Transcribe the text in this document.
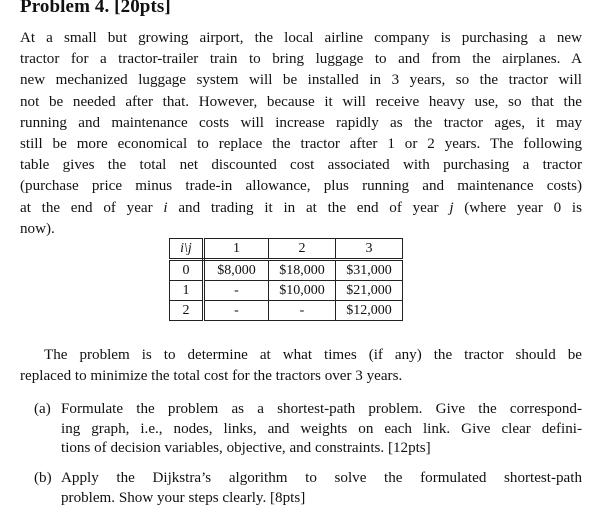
Problem 4. [20pts]
At a small but growing airport, the local airline company is purchasing a new
tractor for a tractor-trailer train to bring luggage to and from the airplanes. A
new mechanized luggage system will be installed in 3 years, so the tractor will
not be needed after that. However, because it will receive heavy use, so that the
running and maintenance costs will increase rapidly as the tractor ages, it may
still be more economical to replace the tractor after 1 or 2 years. The following
table gives the total net discounted cost associated with purchasing a tractor
(purchase price minus trade-in allowance, plus running and maintenance costs)
at the end of year i and trading it in at the end of year j (where year 0 is
now).
i\j	1	2	3
0	$8,000	$18,000	$31,000
1	-	$10,000	$21,000
2	-	-	$12,000
The problem is to determine at what times (if any) the tractor should be
replaced to minimize the total cost for the tractors over 3 years.
(a) Formulate the problem as a shortest-path problem. Give the correspond-
ing graph, i.e., nodes, links, and weights on each link. Give clear defini-
tions of decision variables, objective, and constraints. [12pts]
(b) Apply the Dijkstra’s algorithm to solve the formulated shortest-path
problem. Show your steps clearly. [8pts]
